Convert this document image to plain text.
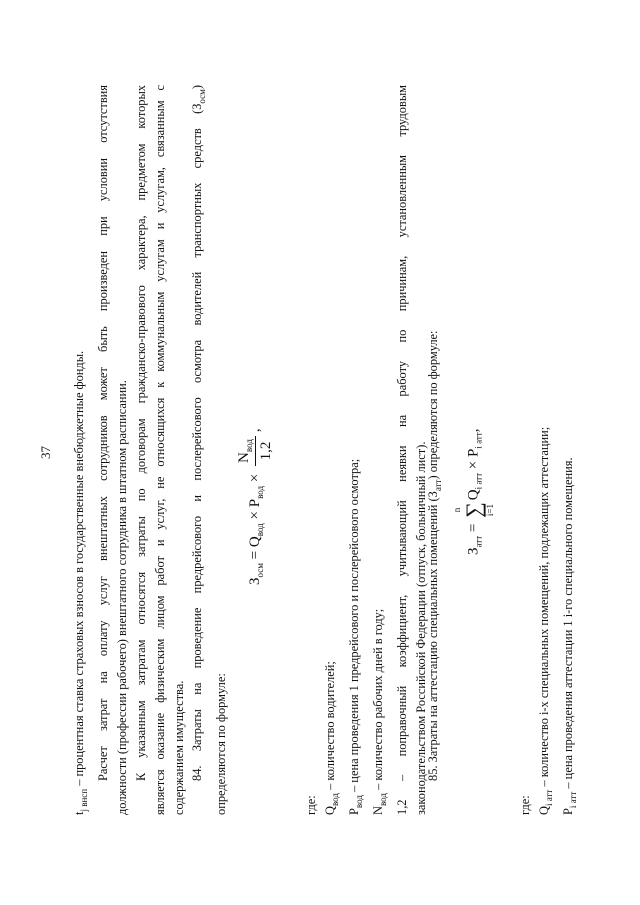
37
$t_{j внсп}$ – процентная ставка страховых взносов в государственные внебюджетные фонды. Расчет затрат на оплату услуг внештатных сотрудников может быть произведен при условии отсутствия должности (профессии рабочего) внештатного сотрудника в штатном расписании. К указанным затратам относятся затраты по договорам гражданско-правового характера, предметом которых является оказание физическим лицом работ и услуг, не относящихся к коммунальным услугам и услугам, связанным с содержанием имущества. 84. Затраты на проведение предрейсового и послерейсового осмотра водителей транспортных средств $(З_{осм})$
определяются по формуле:
$З_{осм} = Q_{вод} \times P_{вод}$ ×
$N_{вод}$ 1,2
,
где: $Q_{вод}$ – количество водителей;
$P_{вод}$ – цена проведения 1 предрейсового и послерейсового осмотра;
$N_{вод}$ – количество рабочих дней в году; 1,2 – поправочный коэффициент, учитывающий неявки на работу по причинам, установленным трудовым законодательством Российской Федерации (отпуск, больничный лист).
85. Затраты на аттестацию специальных помещений $(З_{атт})$ определяются по формуле:
$З_{атт}$ =
n ∑ i=1
$Q_{i атт} \times P_{i атт}$,
где: $Q_{i атт}$ – количество i-х специальных помещений, подлежащих аттестации;
$P_{i атт}$ – цена проведения аттестации 1 i-го специального помещения.
